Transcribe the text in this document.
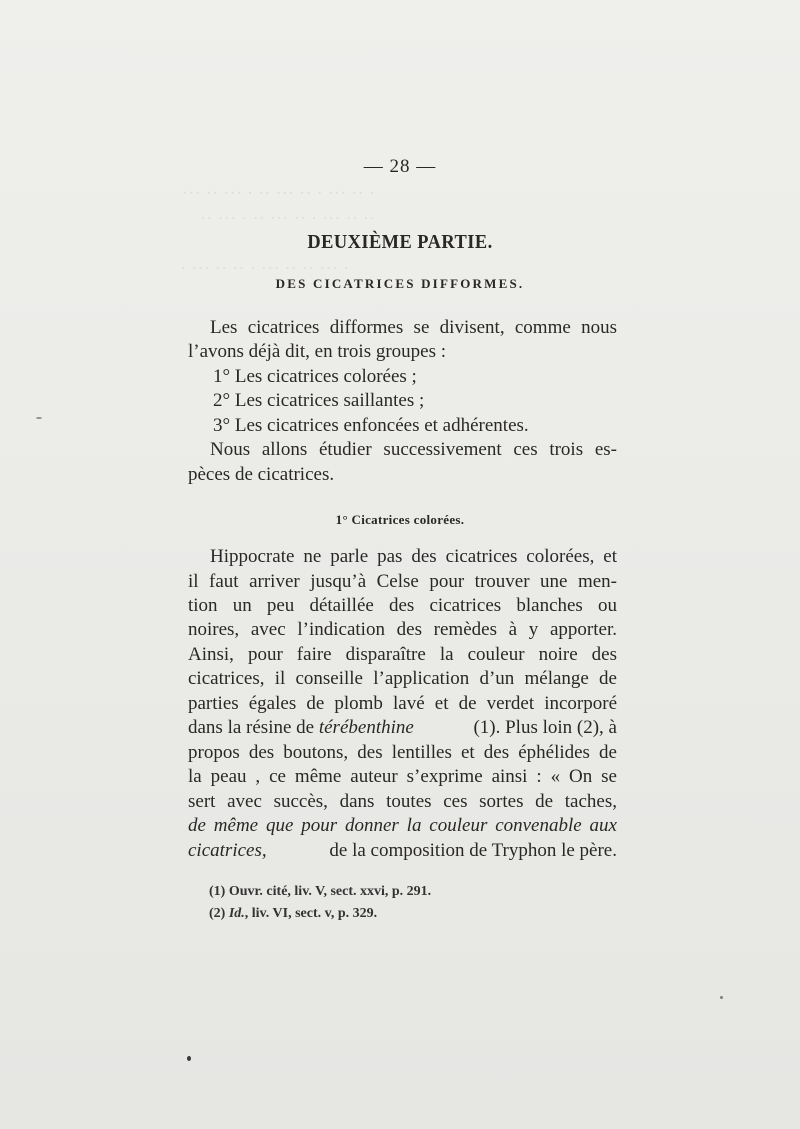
··· ·· ··· · ·· ··· ·· · ··· ·· ·
·· ··· · ·· ··· ·· · ··· ·· ··
· ··· ·· ·· · ··· ·· ·· ··· ·
— 28 —
DEUXIÈME PARTIE.
DES CICATRICES DIFFORMES.
Les cicatrices difformes se divisent, comme nous
l’avons déjà dit, en trois groupes :
1° Les cicatrices colorées ;
2° Les cicatrices saillantes ;
3° Les cicatrices enfoncées et adhérentes.
Nous allons étudier successivement ces trois es-
pèces de cicatrices.
1° Cicatrices colorées.
Hippocrate ne parle pas des cicatrices colorées, et
il faut arriver jusqu’à Celse pour trouver une men-
tion un peu détaillée des cicatrices blanches ou
noires, avec l’indication des remèdes à y apporter.
Ainsi, pour faire disparaître la couleur noire des
cicatrices, il conseille l’application d’un mélange de
parties égales de plomb lavé et de verdet incorporé
dans la résine de térébenthine	(1). Plus loin (2), à
propos des boutons, des lentilles et des éphélides de
la peau , ce même auteur s’exprime ainsi : « On se
sert avec succès, dans toutes ces sortes de taches,
de même que pour donner la couleur convenable aux
cicatrices,	de la composition de Tryphon le père.
(1) Ouvr. cité, liv. V, sect. xxvi, p. 291.
(2) Id., liv. VI, sect. v, p. 329.
